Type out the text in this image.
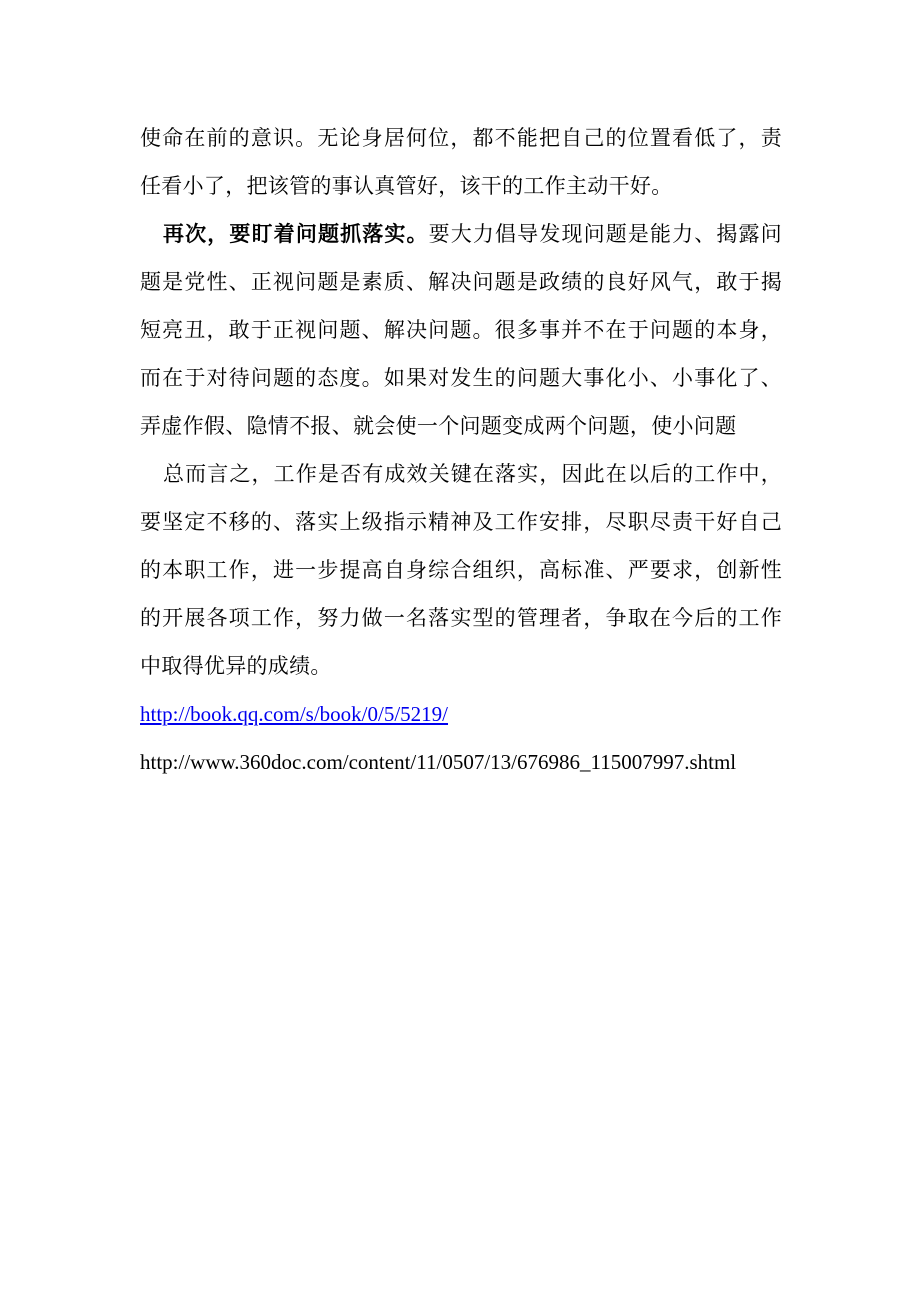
使命在前的意识。无论身居何位，都不能把自己的位置看低了，责
任看小了，把该管的事认真管好，该干的工作主动干好。
再次，要盯着问题抓落实。要大力倡导发现问题是能力、揭露问
题是党性、正视问题是素质、解决问题是政绩的良好风气，敢于揭
短亮丑，敢于正视问题、解决问题。很多事并不在于问题的本身，
而在于对待问题的态度。如果对发生的问题大事化小、小事化了、
弄虚作假、隐情不报、就会使一个问题变成两个问题，使小问题
总而言之，工作是否有成效关键在落实，因此在以后的工作中，
要坚定不移的、落实上级指示精神及工作安排，尽职尽责干好自己
的本职工作，进一步提高自身综合组织，高标准、严要求，创新性
的开展各项工作，努力做一名落实型的管理者，争取在今后的工作
中取得优异的成绩。
http://book.qq.com/s/book/0/5/5219/
http://www.360doc.com/content/11/0507/13/676986_115007997.shtml
